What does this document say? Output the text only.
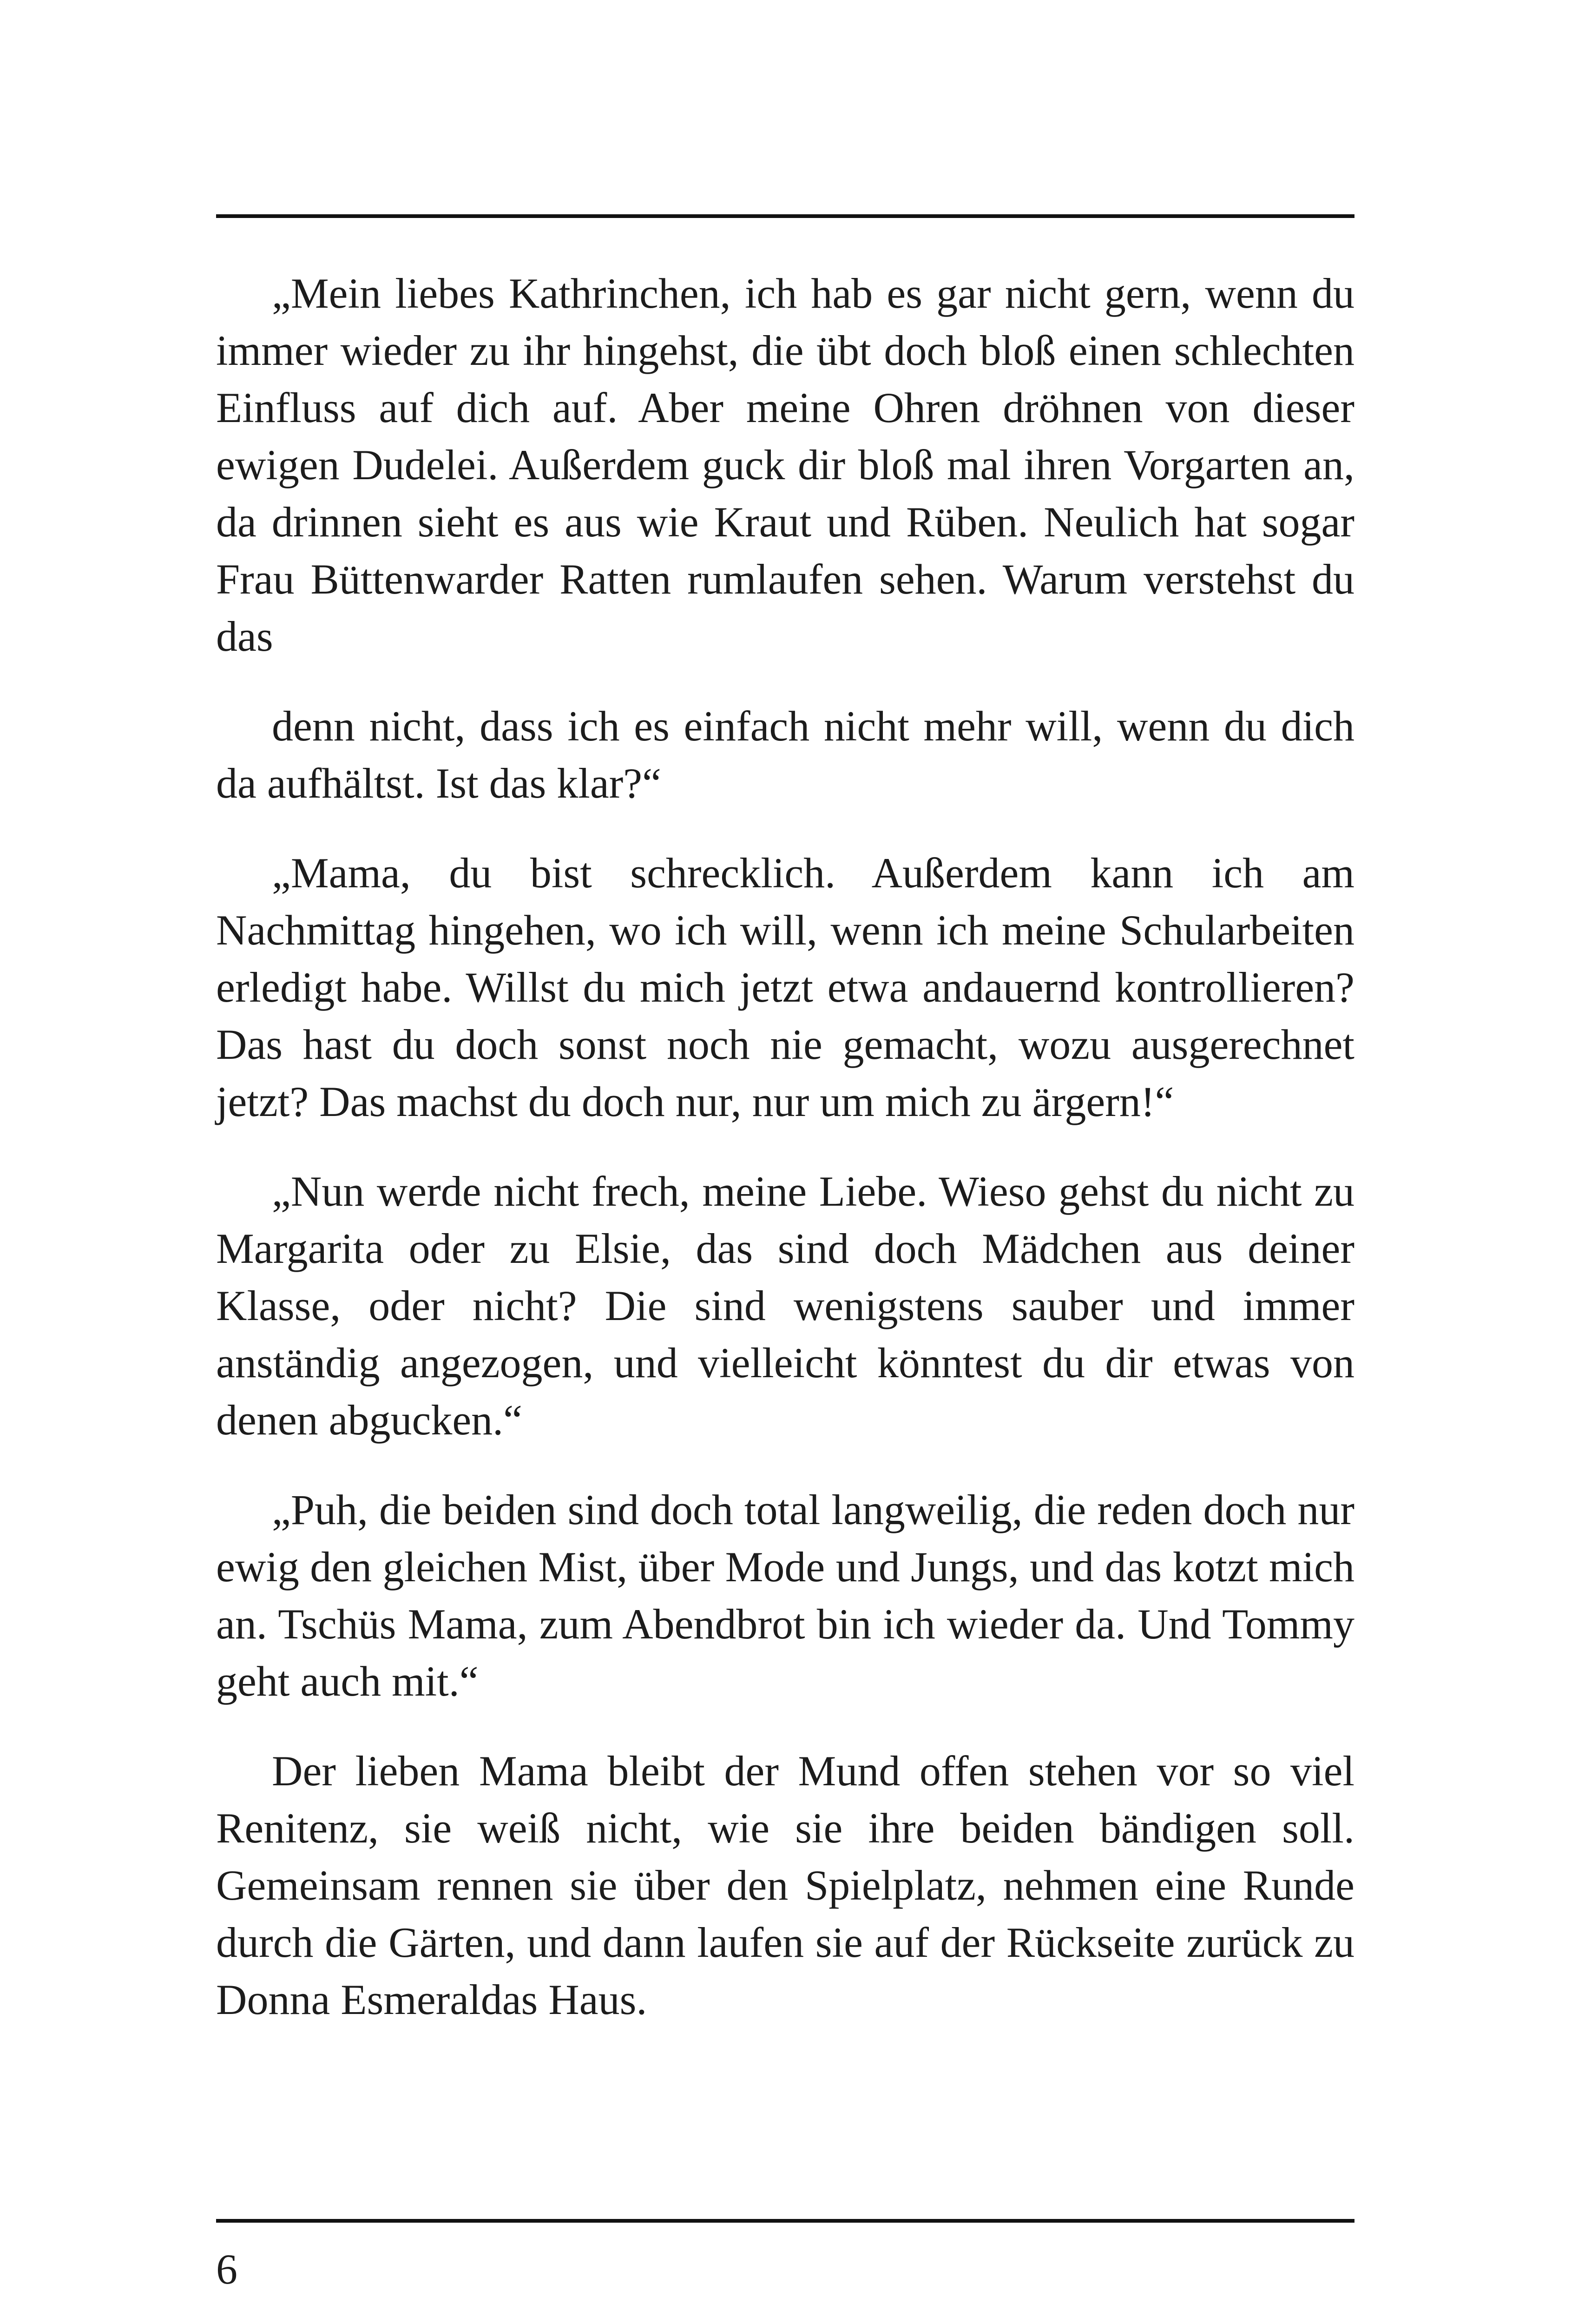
„Mein liebes Kathrinchen, ich hab es gar nicht gern, wenn du immer wieder zu ihr hingehst, die übt doch bloß einen schlechten Einfluss auf dich auf. Aber meine Ohren dröhnen von dieser ewigen Dudelei. Außerdem guck dir bloß mal ihren Vorgarten an, da drinnen sieht es aus wie Kraut und Rüben. Neulich hat sogar Frau Büttenwarder Ratten rumlaufen sehen. Warum verstehst du das

denn nicht, dass ich es einfach nicht mehr will, wenn du dich da aufhältst. Ist das klar?“

„Mama, du bist schrecklich. Außerdem kann ich am Nachmittag hingehen, wo ich will, wenn ich meine Schularbeiten erledigt habe. Willst du mich jetzt etwa andauernd kontrollieren? Das hast du doch sonst noch nie gemacht, wozu ausgerechnet jetzt? Das machst du doch nur, nur um mich zu ärgern!“

„Nun werde nicht frech, meine Liebe. Wieso gehst du nicht zu Margarita oder zu Elsie, das sind doch Mädchen aus deiner Klasse, oder nicht? Die sind wenigstens sauber und immer anständig angezogen, und vielleicht könntest du dir etwas von denen abgucken.“

„Puh, die beiden sind doch total langweilig, die reden doch nur ewig den gleichen Mist, über Mode und Jungs, und das kotzt mich an. Tschüs Mama, zum Abendbrot bin ich wieder da. Und Tommy geht auch mit.“

Der lieben Mama bleibt der Mund offen stehen vor so viel Renitenz, sie weiß nicht, wie sie ihre beiden bändigen soll. Gemeinsam rennen sie über den Spielplatz, nehmen eine Runde durch die Gärten, und dann laufen sie auf der Rückseite zurück zu Donna Esmeraldas Haus.

6
